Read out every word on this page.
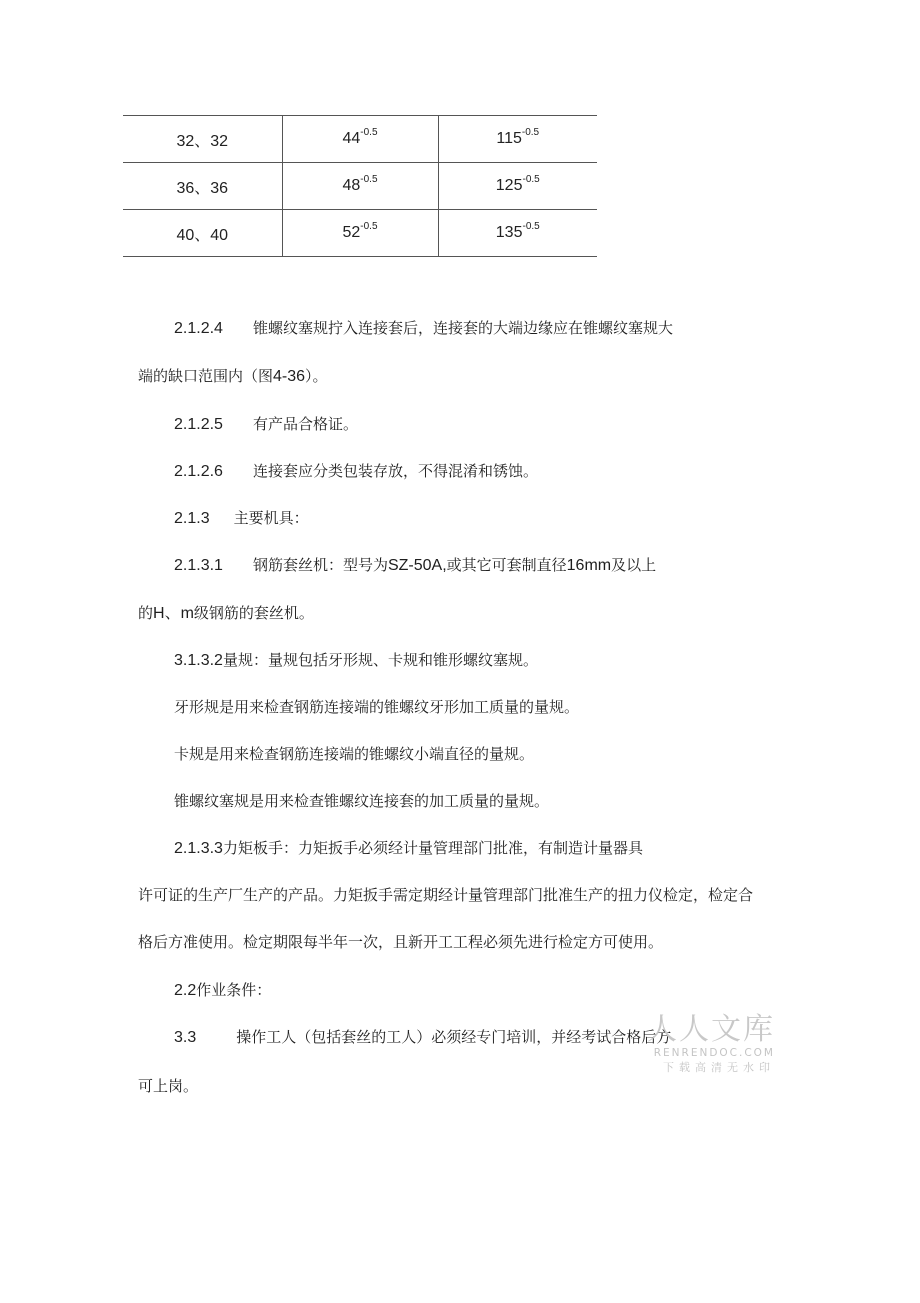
32、32	$44^{-0.5}$	$115^{-0.5}$
36、36	$48^{-0.5}$	$125^{-0.5}$
40、40	$52^{-0.5}$	$135^{-0.5}$
2.1.2.4 锥螺纹塞规拧入连接套后，连接套的大端边缘应在锥螺纹塞规大
端的缺口范围内（图4-36）。
2.1.2.5 有产品合格证。
2.1.2.6 连接套应分类包装存放，不得混淆和锈蚀。
2.1.3 主要机具：
2.1.3.1 钢筋套丝机：型号为SZ-50A,或其它可套制直径16mm及以上
的H、m级钢筋的套丝机。
3.1.3.2量规：量规包括牙形规、卡规和锥形螺纹塞规。
牙形规是用来检查钢筋连接端的锥螺纹牙形加工质量的量规。
卡规是用来检查钢筋连接端的锥螺纹小端直径的量规。
锥螺纹塞规是用来检查锥螺纹连接套的加工质量的量规。
2.1.3.3力矩板手：力矩扳手必须经计量管理部门批准，有制造计量器具
许可证的生产厂生产的产品。力矩扳手需定期经计量管理部门批准生产的扭力仪检定，检定合
格后方准使用。检定期限每半年一次，且新开工工程必须先进行检定方可使用。
2.2作业条件：
3.3	操作工人（包括套丝的工人）必须经专门培训，并经考试合格后方
可上岗。
人人文库
RENRENDOC.COM
下载高清无水印
